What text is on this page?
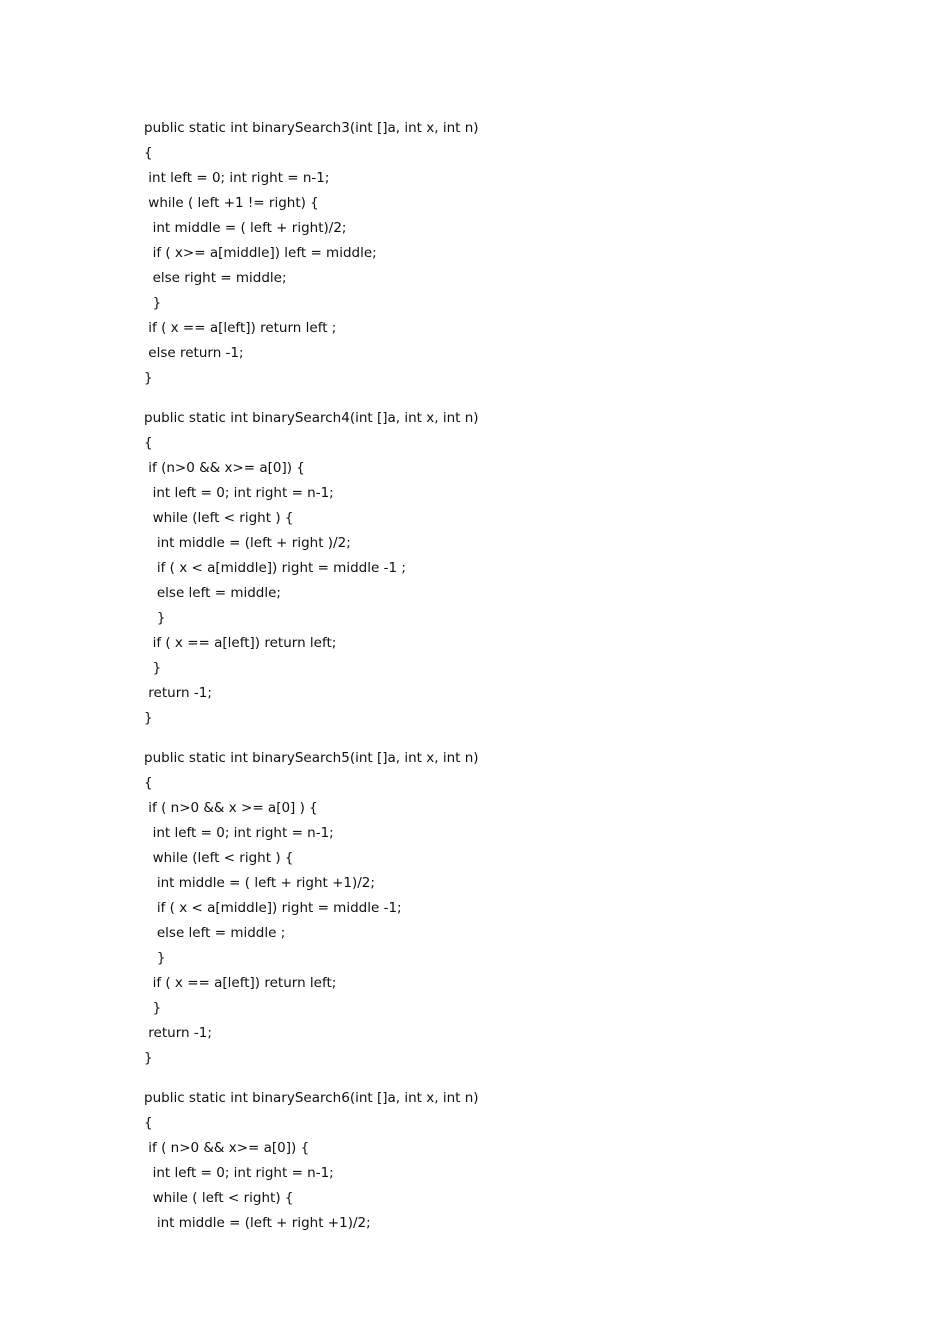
public static int binarySearch3(int []a, int x, int n)
{
int left = 0; int right = n-1;
while ( left +1 != right) {
int middle = ( left + right)/2;
if ( x>= a[middle]) left = middle;
else right = middle;
}
if ( x == a[left]) return left ;
else return -1;
}
public static int binarySearch4(int []a, int x, int n)
{
if (n>0 && x>= a[0]) {
int left = 0; int right = n-1;
while (left < right ) {
int middle = (left + right )/2;
if ( x < a[middle]) right = middle -1 ;
else left = middle;
}
if ( x == a[left]) return left;
}
return -1;
}
public static int binarySearch5(int []a, int x, int n)
{
if ( n>0 && x >= a[0] ) {
int left = 0; int right = n-1;
while (left < right ) {
int middle = ( left + right +1)/2;
if ( x < a[middle]) right = middle -1;
else left = middle ;
}
if ( x == a[left]) return left;
}
return -1;
}
public static int binarySearch6(int []a, int x, int n)
{
if ( n>0 && x>= a[0]) {
int left = 0; int right = n-1;
while ( left < right) {
int middle = (left + right +1)/2;
